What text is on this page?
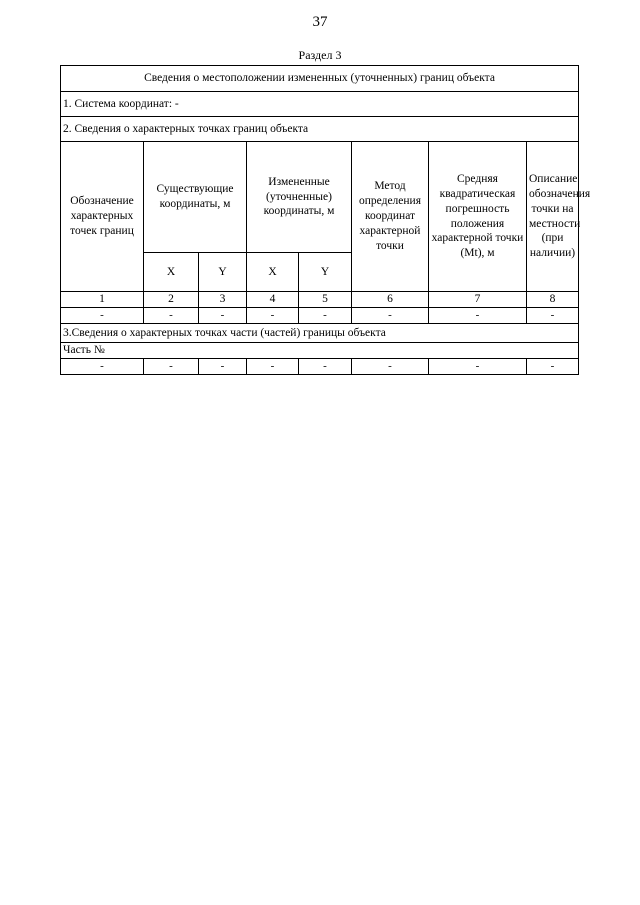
37
Раздел 3
Сведения о местоположении измененных (уточненных) границ объекта							
1. Система координат: -							
2. Сведения о характерных точках границ объекта							
Обозначение характерных точек границ	Существующие координаты, м		Измененные (уточненные) координаты, м		Метод определения координат характерной точки	Средняя квадратическая погрешность положения характерной точки (Mt), м	Описание обозначения точки на местности (при наличии)
	X	Y	X	Y			
1	2	3	4	5	6	7	8
-	-	-	-	-	-	-	-
3.Сведения о характерных точках части (частей) границы объекта							
Часть №							
-	-	-	-	-	-	-	-
